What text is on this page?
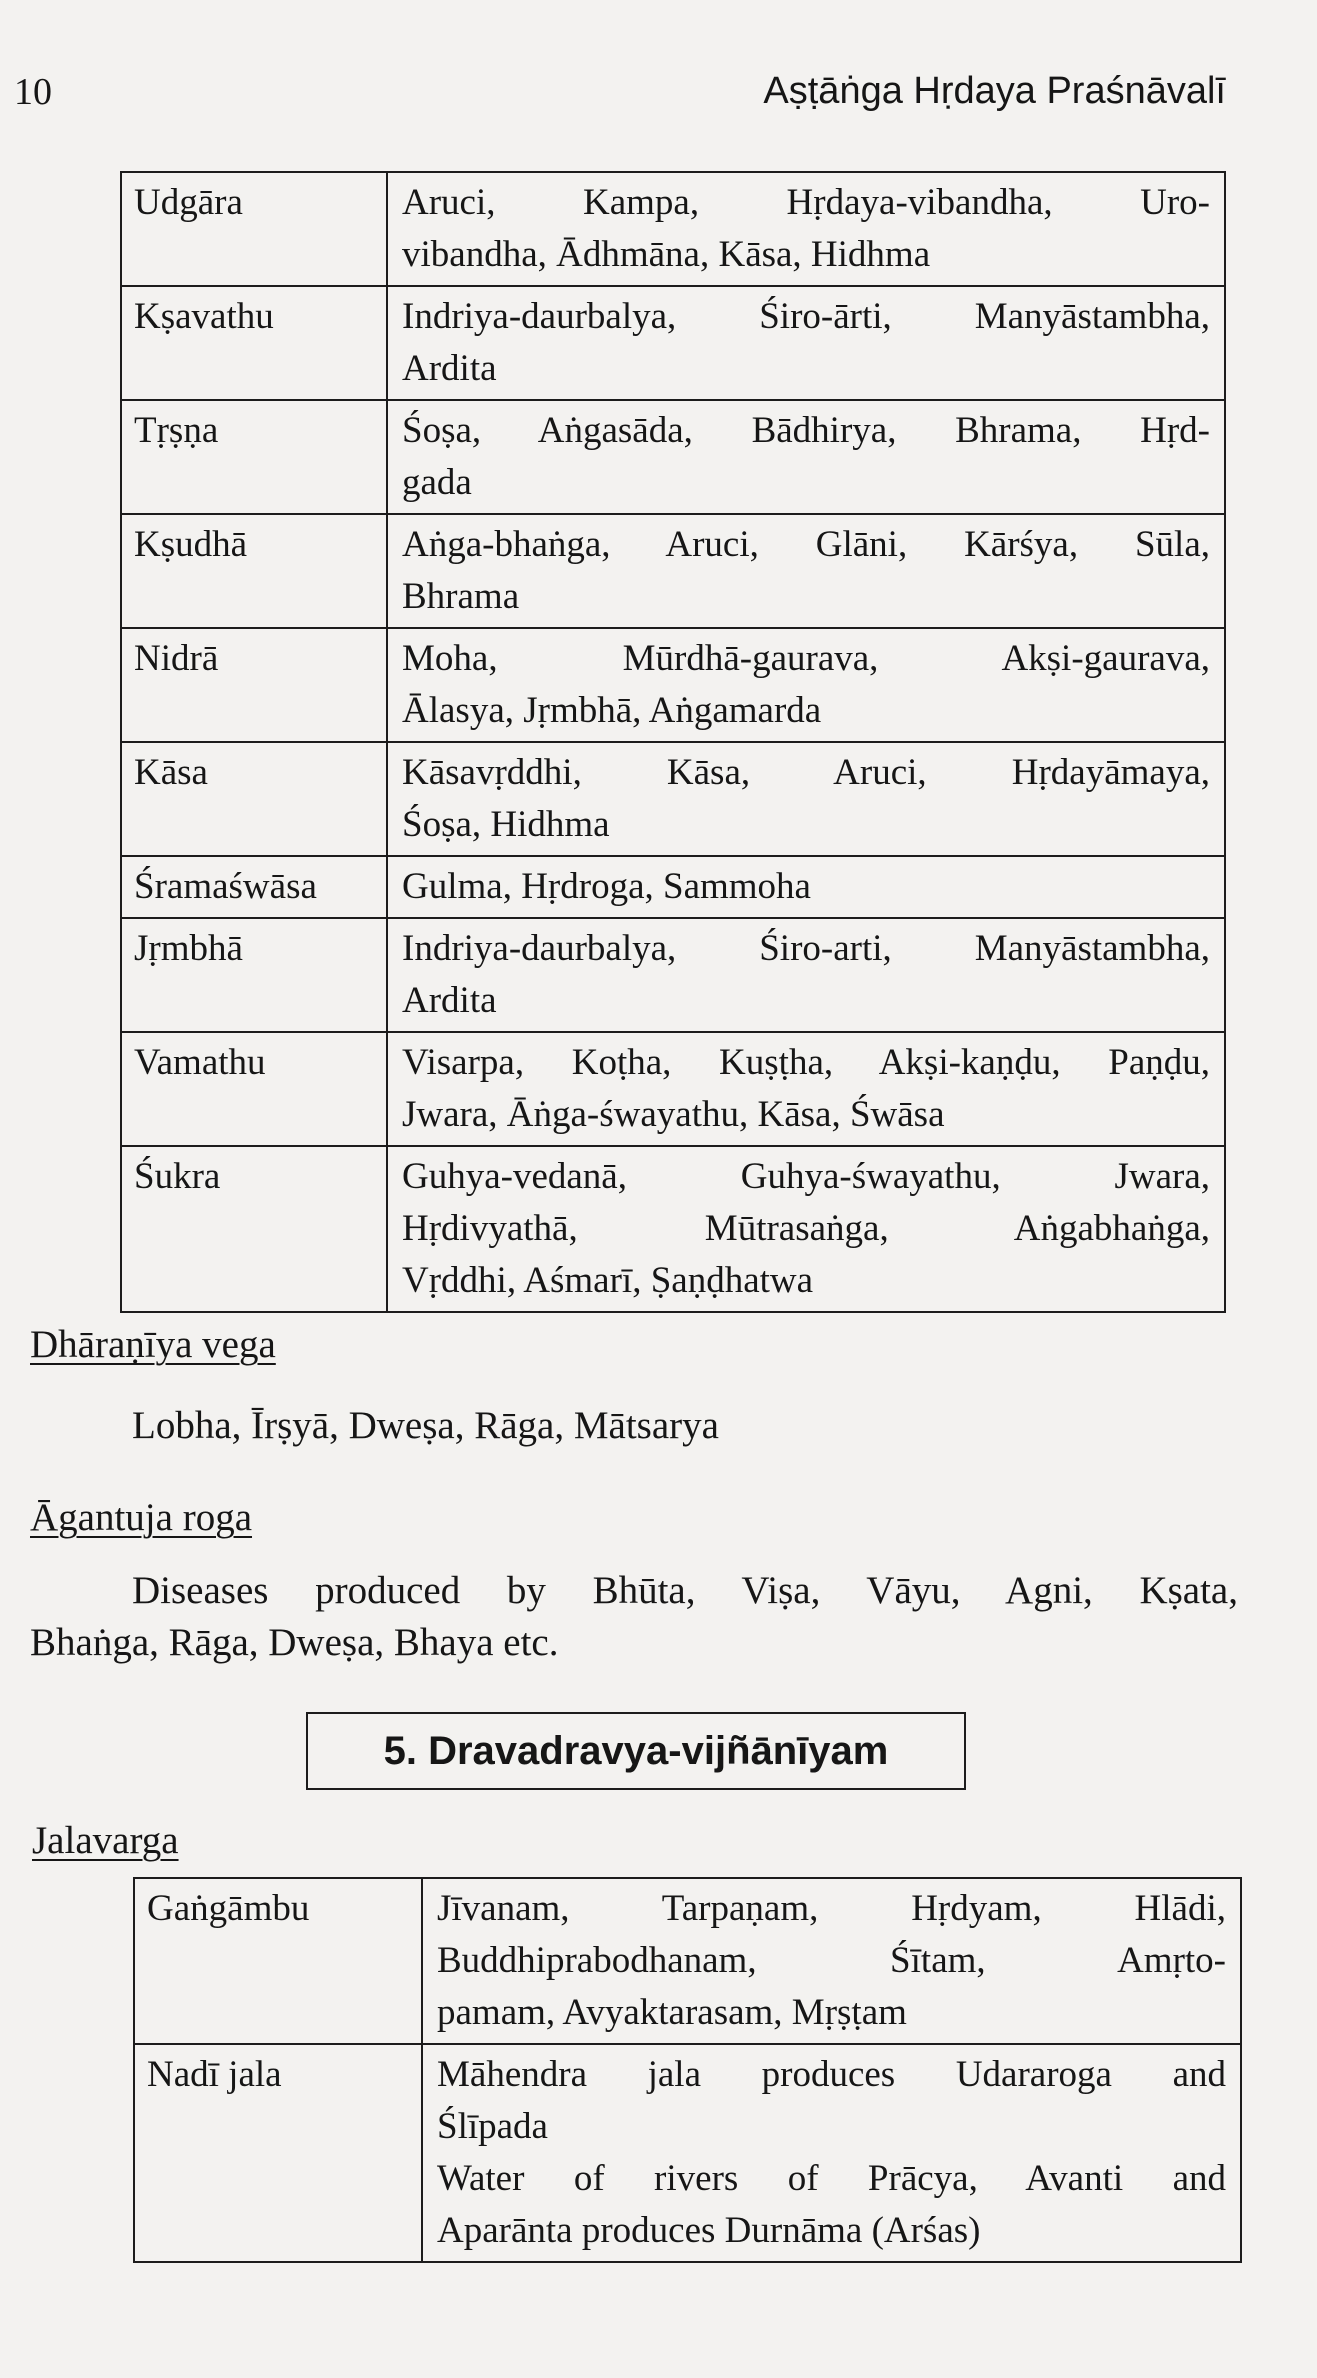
10	Aṣṭāṅga Hṛdaya Praśnāvalī
Udgāra	Aruci, Kampa, Hṛdaya-vibandha, Uro-
vibandha, Ādhmāna, Kāsa, Hidhma

Kṣavathu	Indriya-daurbalya, Śiro-ārti, Manyāstambha,
Ardita

Tṛṣṇa	Śoṣa, Aṅgasāda, Bādhirya, Bhrama, Hṛd-
gada

Kṣudhā	Aṅga-bhaṅga, Aruci, Glāni, Kārśya, Sūla,
Bhrama

Nidrā	Moha, Mūrdhā-gaurava, Akṣi-gaurava,
Ālasya, Jṛmbhā, Aṅgamarda

Kāsa	Kāsavṛddhi, Kāsa, Aruci, Hṛdayāmaya,
Śoṣa, Hidhma

Śramaśwāsa	Gulma, Hṛdroga, Sammoha

Jṛmbhā	Indriya-daurbalya, Śiro-arti, Manyāstambha,
Ardita

Vamathu	Visarpa, Koṭha, Kuṣṭha, Akṣi-kaṇḍu, Paṇḍu,
Jwara, Āṅga-śwayathu, Kāsa, Śwāsa

Śukra	Guhya-vedanā, Guhya-śwayathu, Jwara,
Hṛdivyathā, Mūtrasaṅga, Aṅgabhaṅga,
Vṛddhi, Aśmarī, Ṣaṇḍhatwa
Dhāraṇīya vega
Lobha, Īrṣyā, Dweṣa, Rāga, Mātsarya
Āgantuja roga
Diseases produced by Bhūta, Viṣa, Vāyu, Agni, Kṣata,
Bhaṅga, Rāga, Dweṣa, Bhaya etc.
5. Dravadravya-vijñānīyam
Jalavarga
Gaṅgāmbu	Jīvanam, Tarpaṇam, Hṛdyam, Hlādi,
Buddhiprabodhanam, Śītam, Amṛto-
pamam, Avyaktarasam, Mṛṣṭam

Nadī jala	Māhendra jala produces Udararoga and
Ślīpada
Water of rivers of Prācya, Avanti and
Aparānta produces Durnāma (Arśas)
